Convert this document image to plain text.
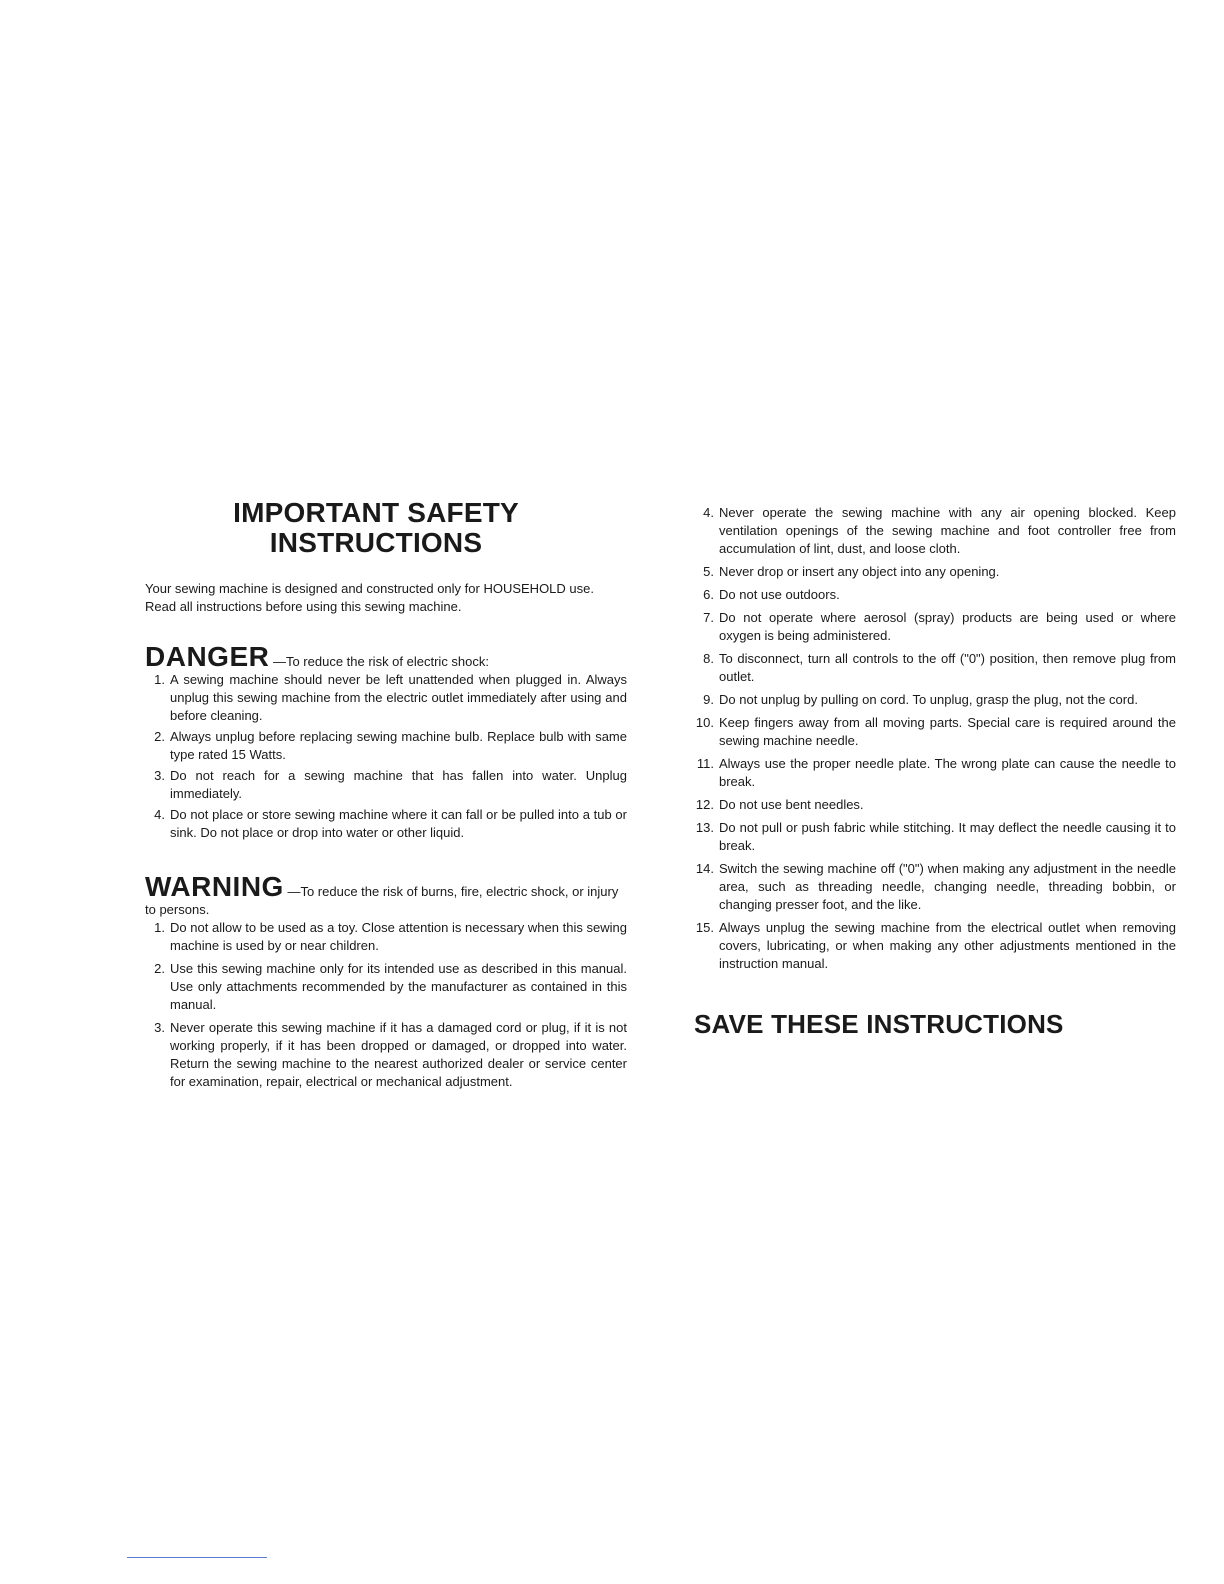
IMPORTANT SAFETY
INSTRUCTIONS

Your sewing machine is designed and constructed only for HOUSEHOLD use.

Read all instructions before using this sewing machine.

DANGER —To reduce the risk of electric shock:
1. A sewing machine should never be left unattended when plugged in. Always unplug this sewing machine from the electric outlet immediately after using and before cleaning.
2. Always unplug before replacing sewing machine bulb. Replace bulb with same type rated 15 Watts.
3. Do not reach for a sewing machine that has fallen into water. Unplug immediately.
4. Do not place or store sewing machine where it can fall or be pulled into a tub or sink. Do not place or drop into water or other liquid.
WARNING —To reduce the risk of burns, fire, electric shock, or injury to persons.
1. Do not allow to be used as a toy. Close attention is necessary when this sewing machine is used by or near children.
2. Use this sewing machine only for its intended use as described in this manual. Use only attachments recommended by the manufacturer as contained in this manual.
3. Never operate this sewing machine if it has a damaged cord or plug, if it is not working properly, if it has been dropped or damaged, or dropped into water. Return the sewing machine to the nearest authorized dealer or service center for examination, repair, electrical or mechanical adjustment.
4. Never operate the sewing machine with any air opening blocked. Keep ventilation openings of the sewing machine and foot controller free from accumulation of lint, dust, and loose cloth.
5. Never drop or insert any object into any opening.
6. Do not use outdoors.
7. Do not operate where aerosol (spray) products are being used or where oxygen is being administered.
8. To disconnect, turn all controls to the off ("0") position, then remove plug from outlet.
9. Do not unplug by pulling on cord. To unplug, grasp the plug, not the cord.
10. Keep fingers away from all moving parts. Special care is required around the sewing machine needle.
11. Always use the proper needle plate. The wrong plate can cause the needle to break.
12. Do not use bent needles.
13. Do not pull or push fabric while stitching. It may deflect the needle causing it to break.
14. Switch the sewing machine off ("0") when making any adjustment in the needle area, such as threading needle, changing needle, threading bobbin, or changing presser foot, and the like.
15. Always unplug the sewing machine from the electrical outlet when removing covers, lubricating, or when making any other adjustments mentioned in the instruction manual.
SAVE THESE INSTRUCTIONS
